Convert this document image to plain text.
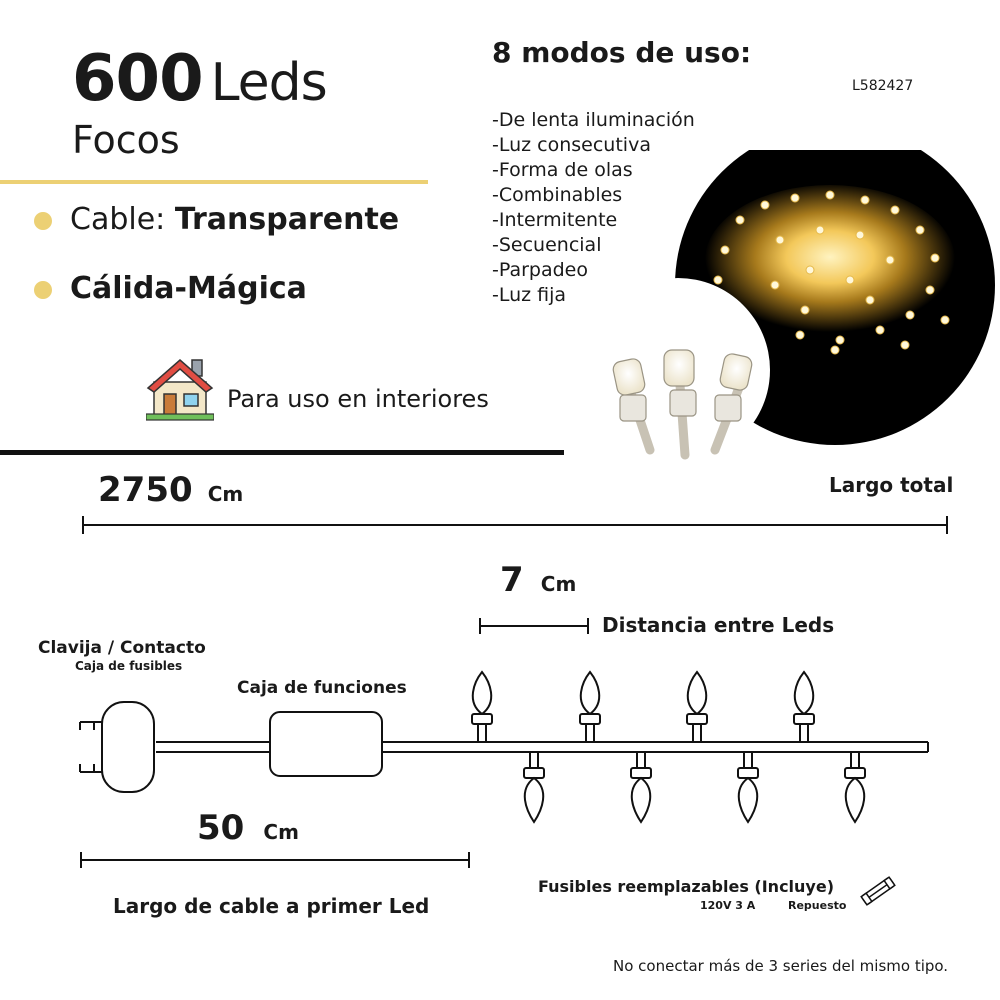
600 Leds
Focos
Cable: Transparente
Cálida-Mágica
8 modos de uso:
L582427
-De lenta iluminación
-Luz consecutiva
-Forma de olas
-Combinables
-Intermitente
-Secuencial
-Parpadeo
-Luz fija
Para uso en interiores
2750 Cm	Largo total
7 Cm
Distancia entre Leds
Clavija / Contacto
Caja de fusibles
Caja de funciones
50 Cm
Largo de cable a primer Led
Fusibles reemplazables (Incluye)
120V 3 A	Repuesto
No conectar más de 3 series del mismo tipo.
